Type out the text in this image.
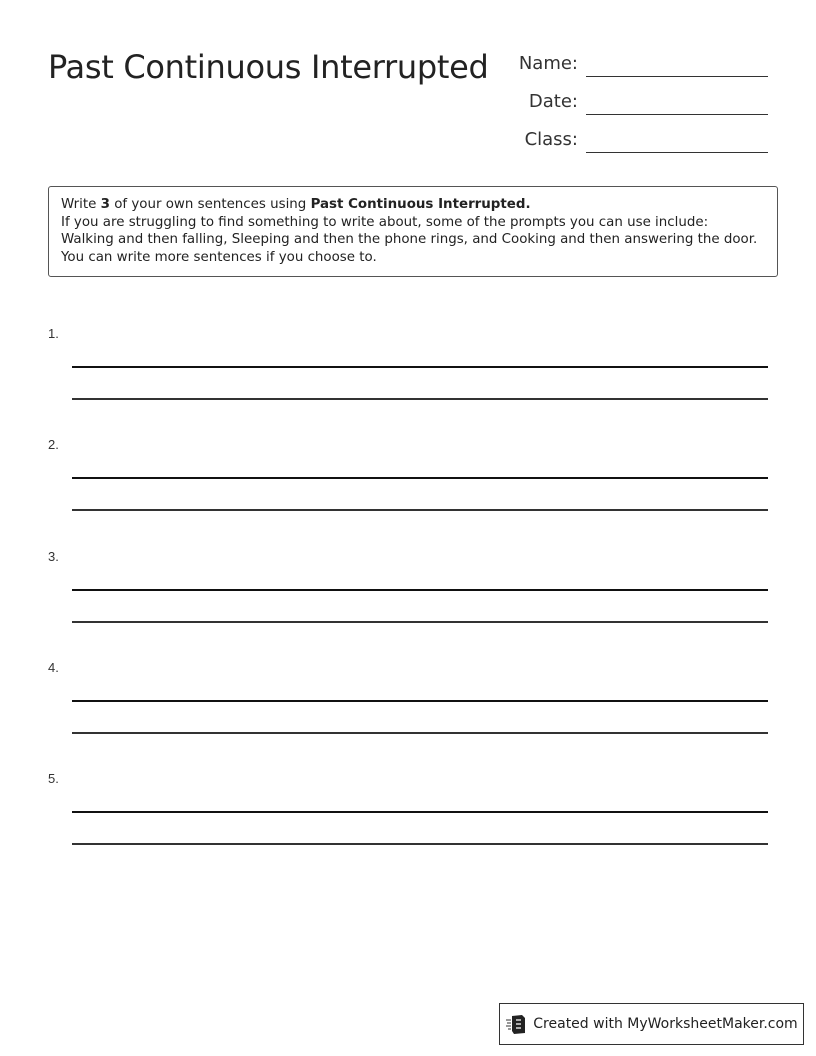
Past Continuous Interrupted	Name:
Date:
Class:
Write 3 of your own sentences using Past Continuous Interrupted.
If you are struggling to find something to write about, some of the prompts you can use include: Walking and then falling, Sleeping and then the phone rings, and Cooking and then answering the door.
You can write more sentences if you choose to.
1.
2.
3.
4.
5.
Created with MyWorksheetMaker.com
